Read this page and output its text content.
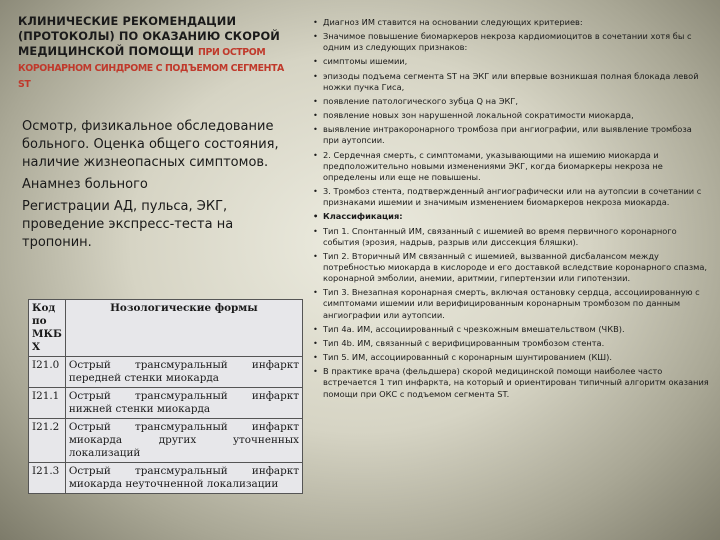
КЛИНИЧЕСКИЕ РЕКОМЕНДАЦИИ (ПРОТОКОЛЫ) ПО ОКАЗАНИЮ СКОРОЙ МЕДИЦИНСКОЙ ПОМОЩИ ПРИ ОСТРОМ КОРОНАРНОМ СИНДРОМЕ С ПОДЪЕМОМ СЕГМЕНТА ST

Осмотр, физикальное обследование больного. Оценка общего состояния, наличие жизнеопасных симптомов.

Анамнез больного

Регистрации АД, пульса, ЭКГ, проведение экспресс-теста на тропонин.

Код по МКБ Х	Нозологические формы
I21.0	Острый трансмуральный инфаркт передней стенки миокарда
I21.1	Острый трансмуральный инфаркт нижней стенки миокарда
I21.2	Острый трансмуральный инфаркт миокарда других уточненных локализаций
I21.3	Острый трансмуральный инфаркт миокарда неуточненной локализации
• Диагноз ИМ ставится на основании следующих критериев:
• Значимое повышение биомаркеров некроза кардиомиоцитов в сочетании хотя бы с одним из следующих признаков:
• симптомы ишемии,
• эпизоды подъема сегмента ST на ЭКГ или впервые возникшая полная блокада левой ножки пучка Гиса,
• появление патологического зубца Q на ЭКГ,
• появление новых зон нарушенной локальной сократимости миокарда,
• выявление интракоронарного тромбоза при ангиографии, или выявление тромбоза при аутопсии.
• 2. Сердечная смерть, с симптомами, указывающими на ишемию миокарда и предположительно новыми изменениями ЭКГ, когда биомаркеры некроза не определены или еще не повышены.
• 3. Тромбоз стента, подтвержденный ангиографически или на аутопсии в сочетании с признаками ишемии и значимым изменением биомаркеров некроза миокарда.
• Классификация:
• Тип 1. Спонтанный ИМ, связанный с ишемией во время первичного коронарного события (эрозия, надрыв, разрыв или диссекция бляшки).
• Тип 2. Вторичный ИМ связанный с ишемией, вызванной дисбалансом между потребностью миокарда в кислороде и его доставкой вследствие коронарного спазма, коронарной эмболии, анемии, аритмии, гипертензии или гипотензии.
• Тип 3. Внезапная коронарная смерть, включая остановку сердца, ассоциированную с симптомами ишемии или верифицированным коронарным тромбозом по данным ангиографии или аутопсии.
• Тип 4а. ИМ, ассоциированный с чрезкожным вмешательством (ЧКВ).
• Тип 4b. ИМ, связанный с верифицированным тромбозом стента.
• Тип 5. ИМ, ассоциированный с коронарным шунтированием (КШ).
• В практике врача (фельдшера) скорой медицинской помощи наиболее часто встречается 1 тип инфаркта, на который и ориентирован типичный алгоритм оказания помощи при ОКС с подъемом сегмента ST.
